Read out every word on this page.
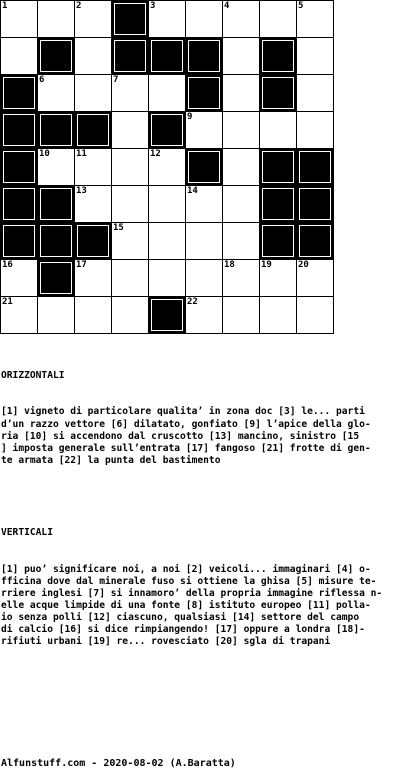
1	2	3	4	5
6	7
9
10	11	12
13	14
15
16	17	18	19	20
21	22

ORIZZONTALI

[1] vigneto di particolare qualita’ in zona doc [3] le... parti
d’un razzo vettore [6] dilatato, gonfiato [9] l’apice della glo-
ria [10] si accendono dal cruscotto [13] mancino, sinistro [15
] imposta generale sull’entrata [17] fangoso [21] frotte di gen-
te armata [22] la punta del bastimento

VERTICALI

[1] puo’ significare noi, a noi [2] veicoli... immaginari [4] o-
fficina dove dal minerale fuso si ottiene la ghisa [5] misure te-
rriere inglesi [7] si innamoro’ della propria immagine riflessa n-
elle acque limpide di una fonte [8] istituto europeo [11] polla-
io senza polli [12] ciascuno, qualsiasi [14] settore del campo
di calcio [16] si dice rimpiangendo! [17] oppure a londra [18]-
rifiuti urbani [19] re... rovesciato [20] sgla di trapani

Alfunstuff.com - 2020-08-02 (A.Baratta)
